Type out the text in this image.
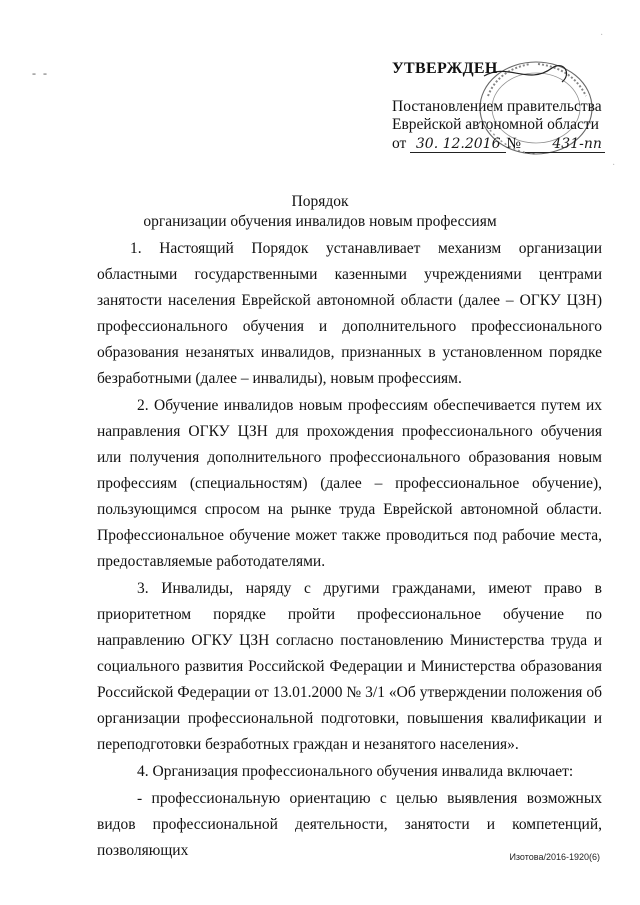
- -
·
·
УТВЕРЖДЕН
Постановлением правительства
Еврейской автономной области
от 30. 12.2016 № 431-пп
Порядок
организации обучения инвалидов новым профессиям

1. Настоящий Порядок устанавливает механизм организации областными государственными казенными учреждениями центрами занятости населения Еврейской автономной области (далее – ОГКУ ЦЗН) профессионального обучения и дополнительного профессионального образования незанятых инвалидов, признанных в установленном порядке безработными (далее – инвалиды), новым профессиям.

2. Обучение инвалидов новым профессиям обеспечивается путем их направления ОГКУ ЦЗН для прохождения профессионального обучения или получения дополнительного профессионального образования новым профессиям (специальностям) (далее – профессиональное обучение), пользующимся спросом на рынке труда Еврейской автономной области. Профессиональное обучение может также проводиться под рабочие места, предоставляемые работодателями.

3. Инвалиды, наряду с другими гражданами, имеют право в приоритетном порядке пройти профессиональное обучение по направлению ОГКУ ЦЗН согласно постановлению Министерства труда и социального развития Российской Федерации и Министерства образования Российской Федерации от 13.01.2000 № 3/1 «Об утверждении положения об организации профессиональной подготовки, повышения квалификации и переподготовки безработных граждан и незанятого населения».

4. Организация профессионального обучения инвалида включает:

- профессиональную ориентацию с целью выявления возможных видов профессиональной деятельности, занятости и компетенций, позволяющих	Изотова/2016-1920(6)
